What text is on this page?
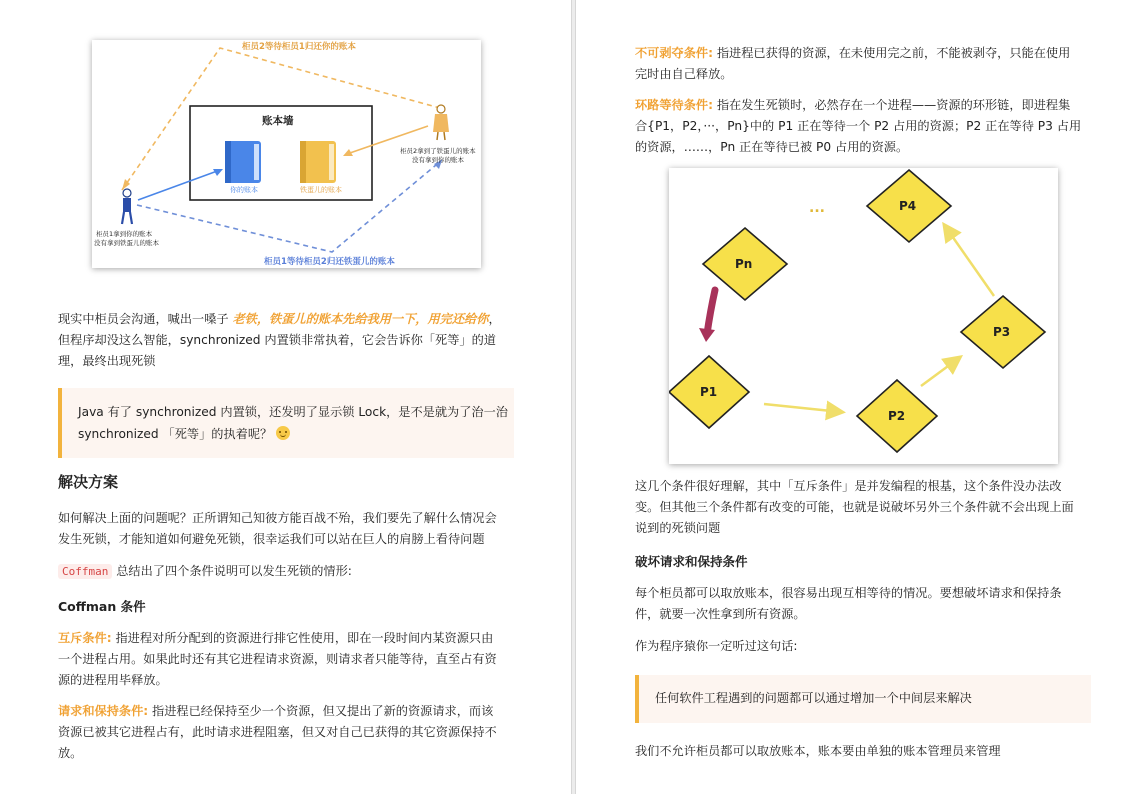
柜员2等待柜员1归还你的账本
柜员1等待柜员2归还铁蛋儿的账本
账本墙
你的账本	铁蛋儿的账本
柜员1拿到你的账本
没有拿到铁蛋儿的账本
柜员2拿到了铁蛋儿的账本
没有拿到你的账本
现实中柜员会沟通，喊出一嗓子 老铁，铁蛋儿的账本先给我用一下，用完还给你，
但程序却没这么智能，synchronized 内置锁非常执着，它会告诉你「死等」的道
理，最终出现死锁
Java 有了 synchronized 内置锁，还发明了显示锁 Lock，是不是就为了治一治
synchronized 「死等」的执着呢？
解决方案
如何解决上面的问题呢？正所谓知己知彼方能百战不殆，我们要先了解什么情况会
发生死锁，才能知道如何避免死锁，很幸运我们可以站在巨人的肩膀上看待问题
Coffman 总结出了四个条件说明可以发生死锁的情形:
Coffman 条件
互斥条件: 指进程对所分配到的资源进行排它性使用，即在一段时间内某资源只由
一个进程占用。如果此时还有其它进程请求资源，则请求者只能等待，直至占有资
源的进程用毕释放。
请求和保持条件: 指进程已经保持至少一个资源，但又提出了新的资源请求，而该
资源已被其它进程占有，此时请求进程阻塞，但又对自己已获得的其它资源保持不
放。
不可剥夺条件: 指进程已获得的资源，在未使用完之前，不能被剥夺，只能在使用
完时由自己释放。
环路等待条件: 指在发生死锁时，必然存在一个进程——资源的环形链，即进程集
合{P1，P2，···，Pn}中的 P1 正在等待一个 P2 占用的资源；P2 正在等待 P3 占用
的资源，……，Pn 正在等待已被 P0 占用的资源。
...	P4
Pn
P3
P1
P2
这几个条件很好理解，其中「互斥条件」是并发编程的根基，这个条件没办法改
变。但其他三个条件都有改变的可能，也就是说破坏另外三个条件就不会出现上面
说到的死锁问题
破坏请求和保持条件
每个柜员都可以取放账本，很容易出现互相等待的情况。要想破坏请求和保持条
件，就要一次性拿到所有资源。
作为程序猿你一定听过这句话:
任何软件工程遇到的问题都可以通过增加一个中间层来解决
我们不允许柜员都可以取放账本，账本要由单独的账本管理员来管理
